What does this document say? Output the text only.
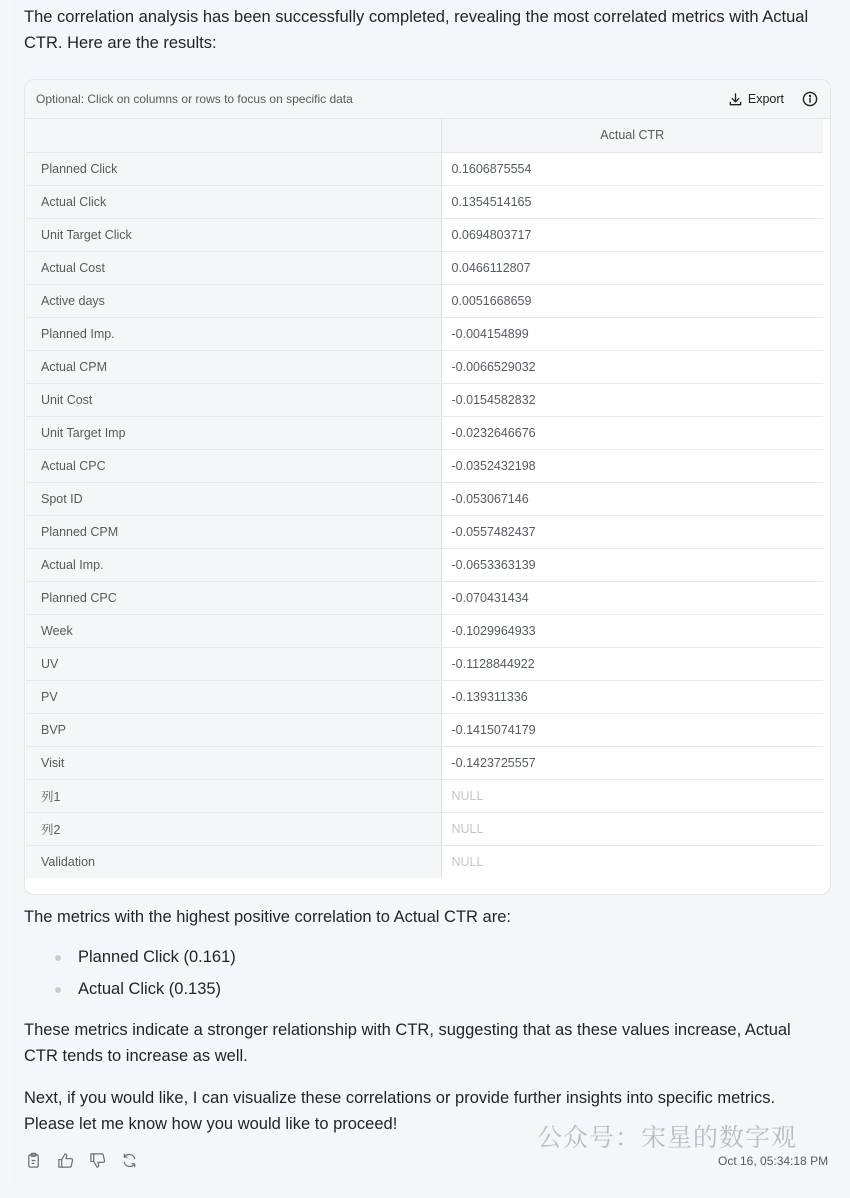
The correlation analysis has been successfully completed, revealing the most correlated metrics with Actual CTR. Here are the results:

Optional: Click on columns or rows to focus on specific data	Export
	Actual CTR
Planned Click	0.1606875554
Actual Click	0.1354514165
Unit Target Click	0.0694803717
Actual Cost	0.0466112807
Active days	0.0051668659
Planned Imp.	-0.004154899
Actual CPM	-0.0066529032
Unit Cost	-0.0154582832
Unit Target Imp	-0.0232646676
Actual CPC	-0.0352432198
Spot ID	-0.053067146
Planned CPM	-0.0557482437
Actual Imp.	-0.0653363139
Planned CPC	-0.070431434
Week	-0.1029964933
UV	-0.1128844922
PV	-0.139311336
BVP	-0.1415074179
Visit	-0.1423725557
列1	NULL
列2	NULL
Validation	NULL

The metrics with the highest positive correlation to Actual CTR are:

Planned Click (0.161)
Actual Click (0.135)

These metrics indicate a stronger relationship with CTR, suggesting that as these values increase, Actual CTR tends to increase as well.

Next, if you would like, I can visualize these correlations or provide further insights into specific metrics. Please let me know how you would like to proceed!	公众号：宋星的数字观
Oct 16, 05:34:18 PM
